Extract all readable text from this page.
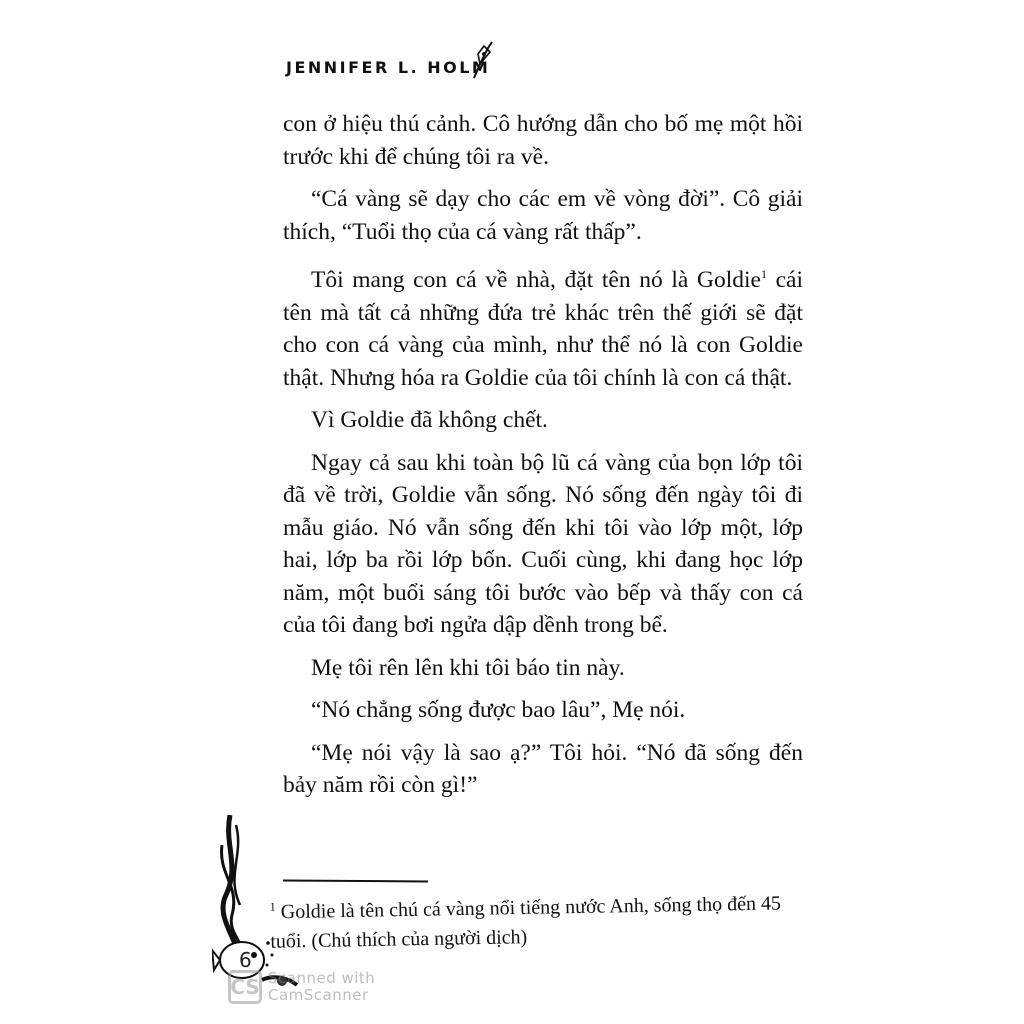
JENNIFER L. HOLM

con ở hiệu thú cảnh. Cô hướng dẫn cho bố mẹ một hồi trước khi để chúng tôi ra về.

“Cá vàng sẽ dạy cho các em về vòng đời”. Cô giải thích, “Tuổi thọ của cá vàng rất thấp”.

Tôi mang con cá về nhà, đặt tên nó là Goldie$^1$ cái tên mà tất cả những đứa trẻ khác trên thế giới sẽ đặt cho con cá vàng của mình, như thể nó là con Goldie thật. Nhưng hóa ra Goldie của tôi chính là con cá thật.

Vì Goldie đã không chết.

Ngay cả sau khi toàn bộ lũ cá vàng của bọn lớp tôi đã về trời, Goldie vẫn sống. Nó sống đến ngày tôi đi mẫu giáo. Nó vẫn sống đến khi tôi vào lớp một, lớp hai, lớp ba rồi lớp bốn. Cuối cùng, khi đang học lớp năm, một buổi sáng tôi bước vào bếp và thấy con cá của tôi đang bơi ngửa dập dềnh trong bể.

Mẹ tôi rên lên khi tôi báo tin này.

“Nó chẳng sống được bao lâu”, Mẹ nói.

“Mẹ nói vậy là sao ạ?” Tôi hỏi. “Nó đã sống đến bảy năm rồi còn gì!”

$^1$ Goldie là tên chú cá vàng nổi tiếng nước Anh, sống thọ đến 45 tuổi. (Chú thích của người dịch)
6
CS Scanned with
CamScanner
